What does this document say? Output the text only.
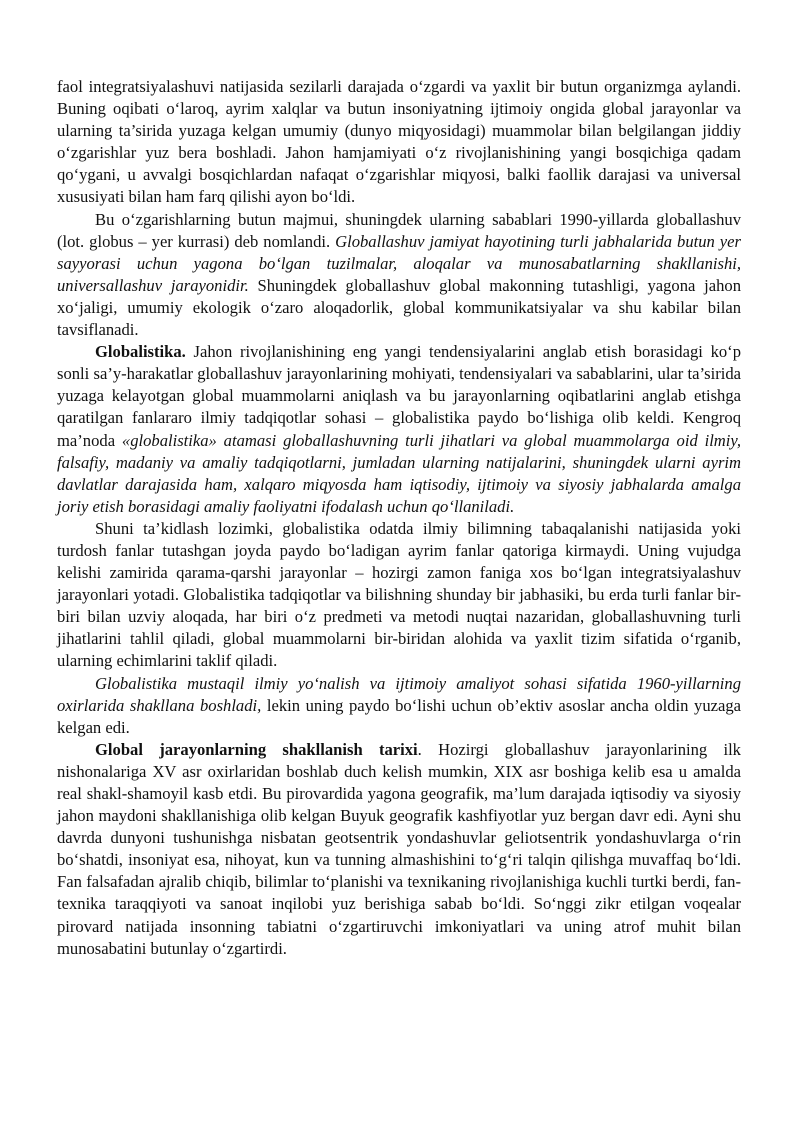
faol integratsiyalashuvi natijasida sezilarli darajada o‘zgardi va yaxlit bir butun organizmga aylandi. Buning oqibati o‘laroq, ayrim xalqlar va butun insoniyatning ijtimoiy ongida global jarayonlar va ularning ta’sirida yuzaga kelgan umumiy (dunyo miqyosidagi) muammolar bilan belgilangan jiddiy o‘zgarishlar yuz bera boshladi. Jahon hamjamiyati o‘z rivojlanishining yangi bosqichiga qadam qo‘ygani, u avvalgi bosqichlardan nafaqat o‘zgarishlar miqyosi, balki faollik darajasi va universal xususiyati bilan ham farq qilishi ayon bo‘ldi.

Bu o‘zgarishlarning butun majmui, shuningdek ularning sabablari 1990-yillarda globallashuv (lot. globus – yer kurrasi) deb nomlandi. Globallashuv jamiyat hayotining turli jabhalarida butun yer sayyorasi uchun yagona bo‘lgan tuzilmalar, aloqalar va munosabatlarning shakllanishi, universallashuv jarayonidir. Shuningdek globallashuv global makonning tutashligi, yagona jahon xo‘jaligi, umumiy ekologik o‘zaro aloqadorlik, global kommunikatsiyalar va shu kabilar bilan tavsiflanadi.

Globalistika. Jahon rivojlanishining eng yangi tendensiyalarini anglab etish borasidagi ko‘p sonli sa’y-harakatlar globallashuv jarayonlarining mohiyati, tendensiyalari va sabablarini, ular ta’sirida yuzaga kelayotgan global muammolarni aniqlash va bu jarayonlarning oqibatlarini anglab etishga qaratilgan fanlararo ilmiy tadqiqotlar sohasi – globalistika paydo bo‘lishiga olib keldi. Kengroq ma’noda «globalistika» atamasi globallashuvning turli jihatlari va global muammolarga oid ilmiy, falsafiy, madaniy va amaliy tadqiqotlarni, jumladan ularning natijalarini, shuningdek ularni ayrim davlatlar darajasida ham, xalqaro miqyosda ham iqtisodiy, ijtimoiy va siyosiy jabhalarda amalga joriy etish borasidagi amaliy faoliyatni ifodalash uchun qo‘llaniladi.

Shuni ta’kidlash lozimki, globalistika odatda ilmiy bilimning tabaqalanishi natijasida yoki turdosh fanlar tutashgan joyda paydo bo‘ladigan ayrim fanlar qatoriga kirmaydi. Uning vujudga kelishi zamirida qarama-qarshi jarayonlar – hozirgi zamon faniga xos bo‘lgan integratsiyalashuv jarayonlari yotadi. Globalistika tadqiqotlar va bilishning shunday bir jabhasiki, bu erda turli fanlar bir-biri bilan uzviy aloqada, har biri o‘z predmeti va metodi nuqtai nazaridan, globallashuvning turli jihatlarini tahlil qiladi, global muammolarni bir-biridan alohida va yaxlit tizim sifatida o‘rganib, ularning echimlarini taklif qiladi.

Globalistika mustaqil ilmiy yo‘nalish va ijtimoiy amaliyot sohasi sifatida 1960-yillarning oxirlarida shakllana boshladi, lekin uning paydo bo‘lishi uchun ob’ektiv asoslar ancha oldin yuzaga kelgan edi.

Global jarayonlarning shakllanish tarixi. Hozirgi globallashuv jarayonlarining ilk nishonalariga XV asr oxirlaridan boshlab duch kelish mumkin, XIX asr boshiga kelib esa u amalda real shakl-shamoyil kasb etdi. Bu pirovardida yagona geografik, ma’lum darajada iqtisodiy va siyosiy jahon maydoni shakllanishiga olib kelgan Buyuk geografik kashfiyotlar yuz bergan davr edi. Ayni shu davrda dunyoni tushunishga nisbatan geotsentrik yondashuvlar geliotsentrik yondashuvlarga o‘rin bo‘shatdi, insoniyat esa, nihoyat, kun va tunning almashishini to‘g‘ri talqin qilishga muvaffaq bo‘ldi. Fan falsafadan ajralib chiqib, bilimlar to‘planishi va texnikaning rivojlanishiga kuchli turtki berdi, fan-texnika taraqqiyoti va sanoat inqilobi yuz berishiga sabab bo‘ldi. So‘nggi zikr etilgan voqealar pirovard natijada insonning tabiatni o‘zgartiruvchi imkoniyatlari va uning atrof muhit bilan munosabatini butunlay o‘zgartirdi.
